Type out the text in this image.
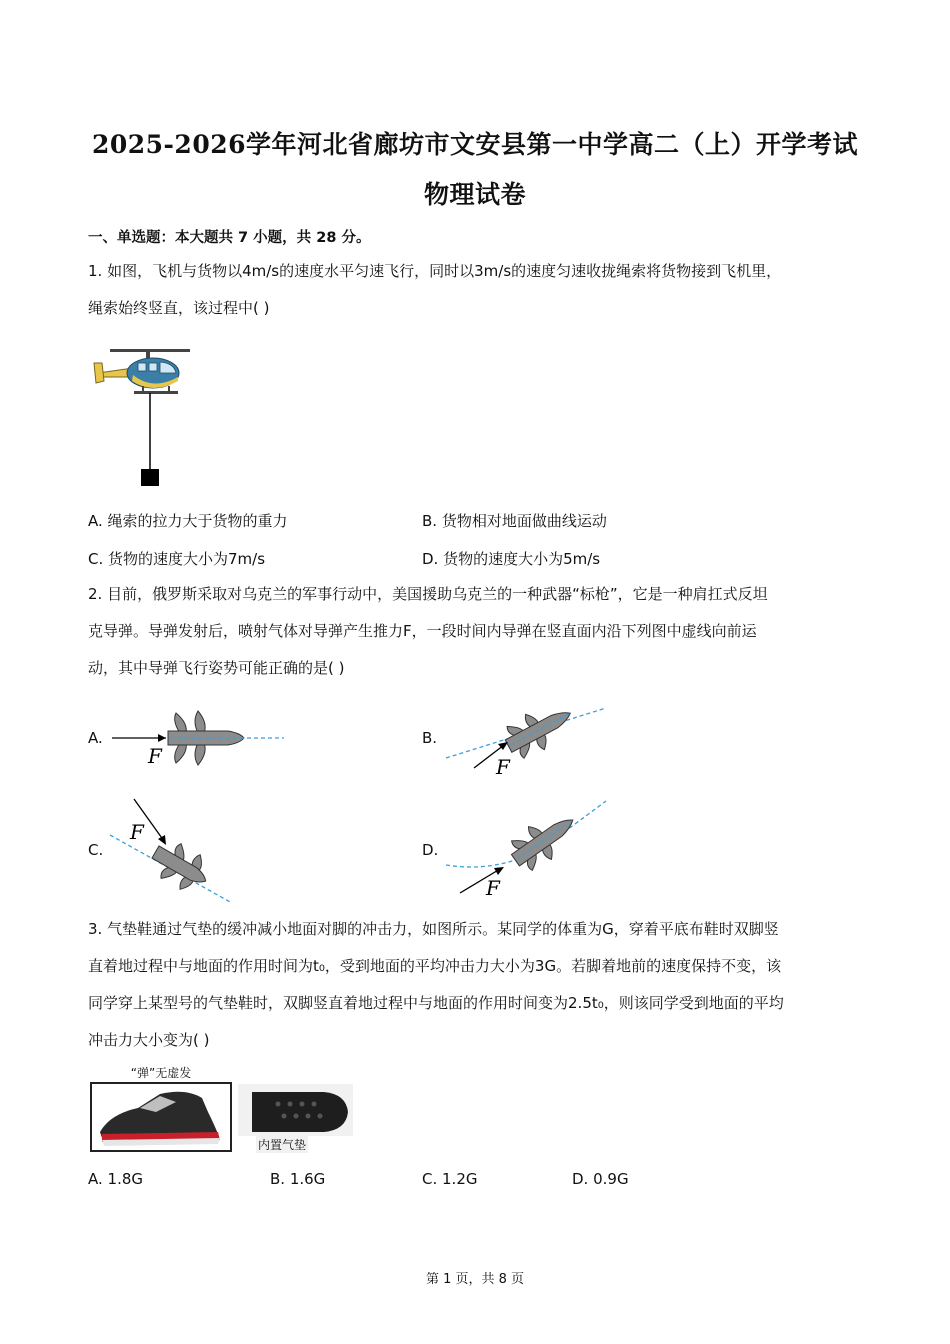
2025-2026学年河北省廊坊市文安县第一中学高二（上）开学考试
物理试卷
一、单选题：本大题共 7 小题，共 28 分。
1. 如图，飞机与货物以4m/s的速度水平匀速飞行，同时以3m/s的速度匀速收拢绳索将货物接到飞机里，
绳索始终竖直，该过程中( )
A. 绳索的拉力大于货物的重力	B. 货物相对地面做曲线运动
C. 货物的速度大小为7m/s	D. 货物的速度大小为5m/s
2. 目前，俄罗斯采取对乌克兰的军事行动中，美国援助乌克兰的一种武器“标枪”，它是一种肩扛式反坦
克导弹。导弹发射后，喷射气体对导弹产生推力F，一段时间内导弹在竖直面内沿下列图中虚线向前运
动，其中导弹飞行姿势可能正确的是( )
A.
F
B.
F
C.
F
D.
F
3. 气垫鞋通过气垫的缓冲减小地面对脚的冲击力，如图所示。某同学的体重为G，穿着平底布鞋时双脚竖
直着地过程中与地面的作用时间为t₀，受到地面的平均冲击力大小为3G。若脚着地前的速度保持不变，该
同学穿上某型号的气垫鞋时，双脚竖直着地过程中与地面的作用时间变为2.5t₀，则该同学受到地面的平均
冲击力大小变为( )
“弹”无虚发
内置气垫
A. 1.8G	B. 1.6G	C. 1.2G	D. 0.9G
第 1 页，共 8 页
